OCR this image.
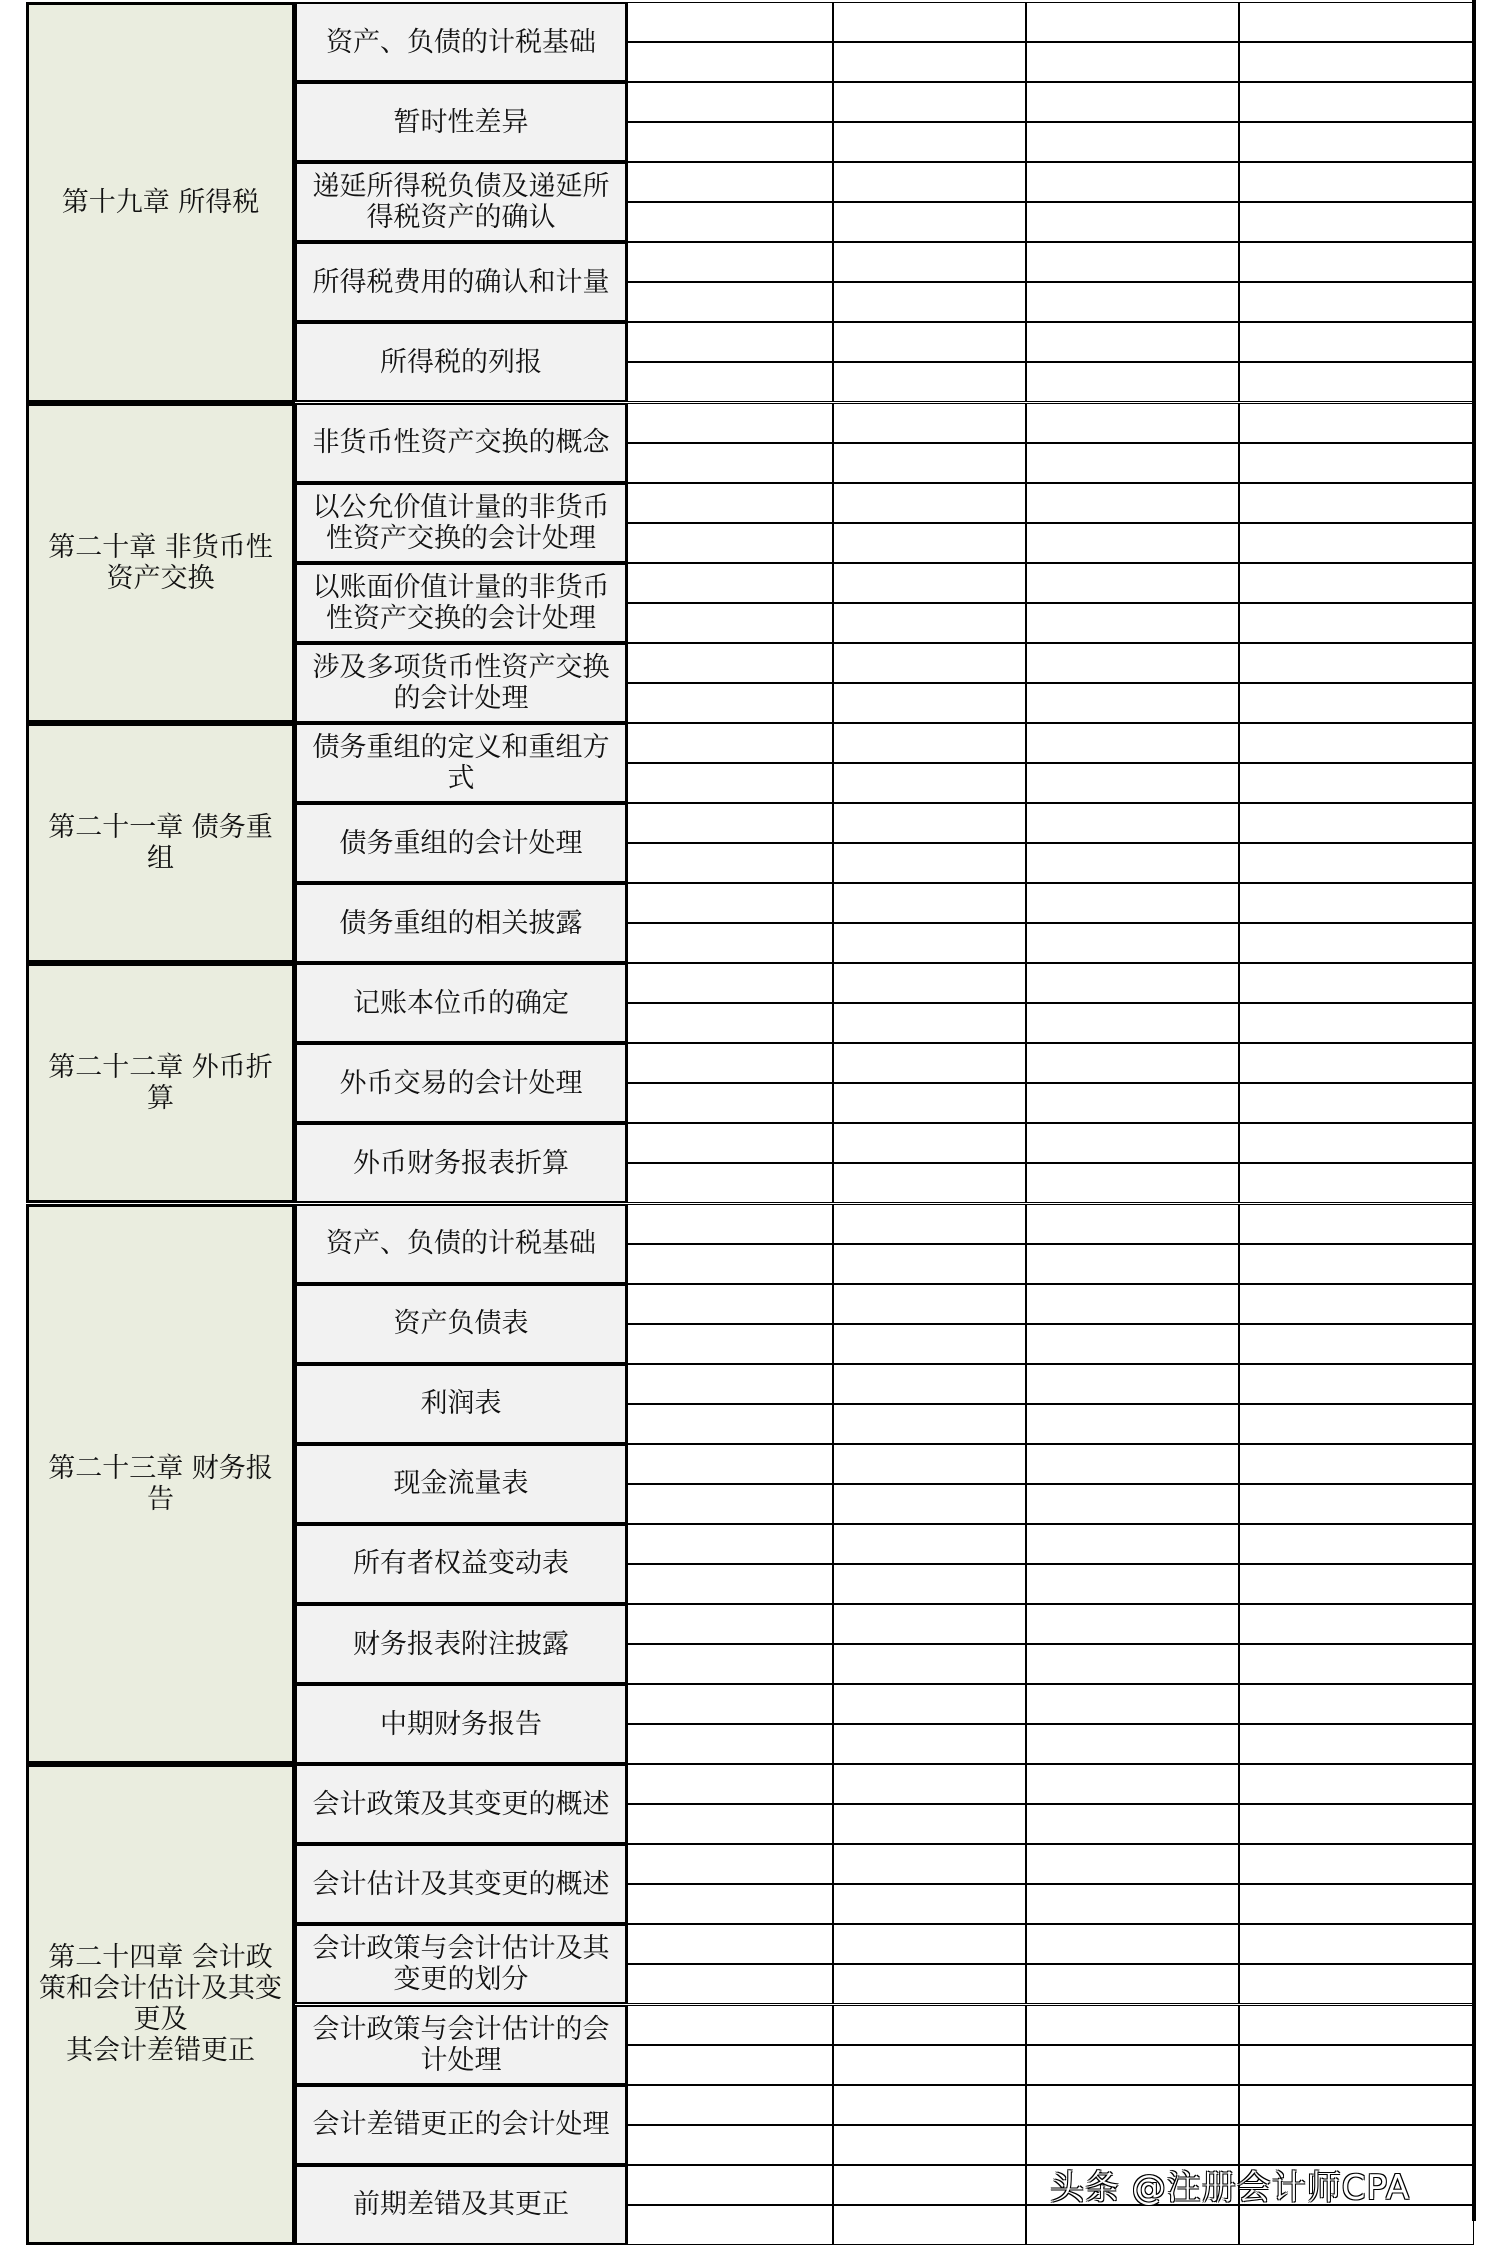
第十九章 所得税
资产、负债的计税基础
暂时性差异
递延所得税负债及递延所得税资产的确认
所得税费用的确认和计量
所得税的列报
第二十章 非货币性资产交换
非货币性资产交换的概念
以公允价值计量的非货币性资产交换的会计处理
以账面价值计量的非货币性资产交换的会计处理
涉及多项货币性资产交换的会计处理
第二十一章 债务重组
债务重组的定义和重组方式
债务重组的会计处理
债务重组的相关披露
第二十二章 外币折算
记账本位币的确定
外币交易的会计处理
外币财务报表折算
第二十三章 财务报告
资产、负债的计税基础
资产负债表
利润表
现金流量表
所有者权益变动表
财务报表附注披露
中期财务报告
第二十四章 会计政策和会计估计及其变更及
其会计差错更正
会计政策及其变更的概述
会计估计及其变更的概述
会计政策与会计估计及其变更的划分
会计政策与会计估计的会计处理
会计差错更正的会计处理
前期差错及其更正	头条 @注册会计师CPA
